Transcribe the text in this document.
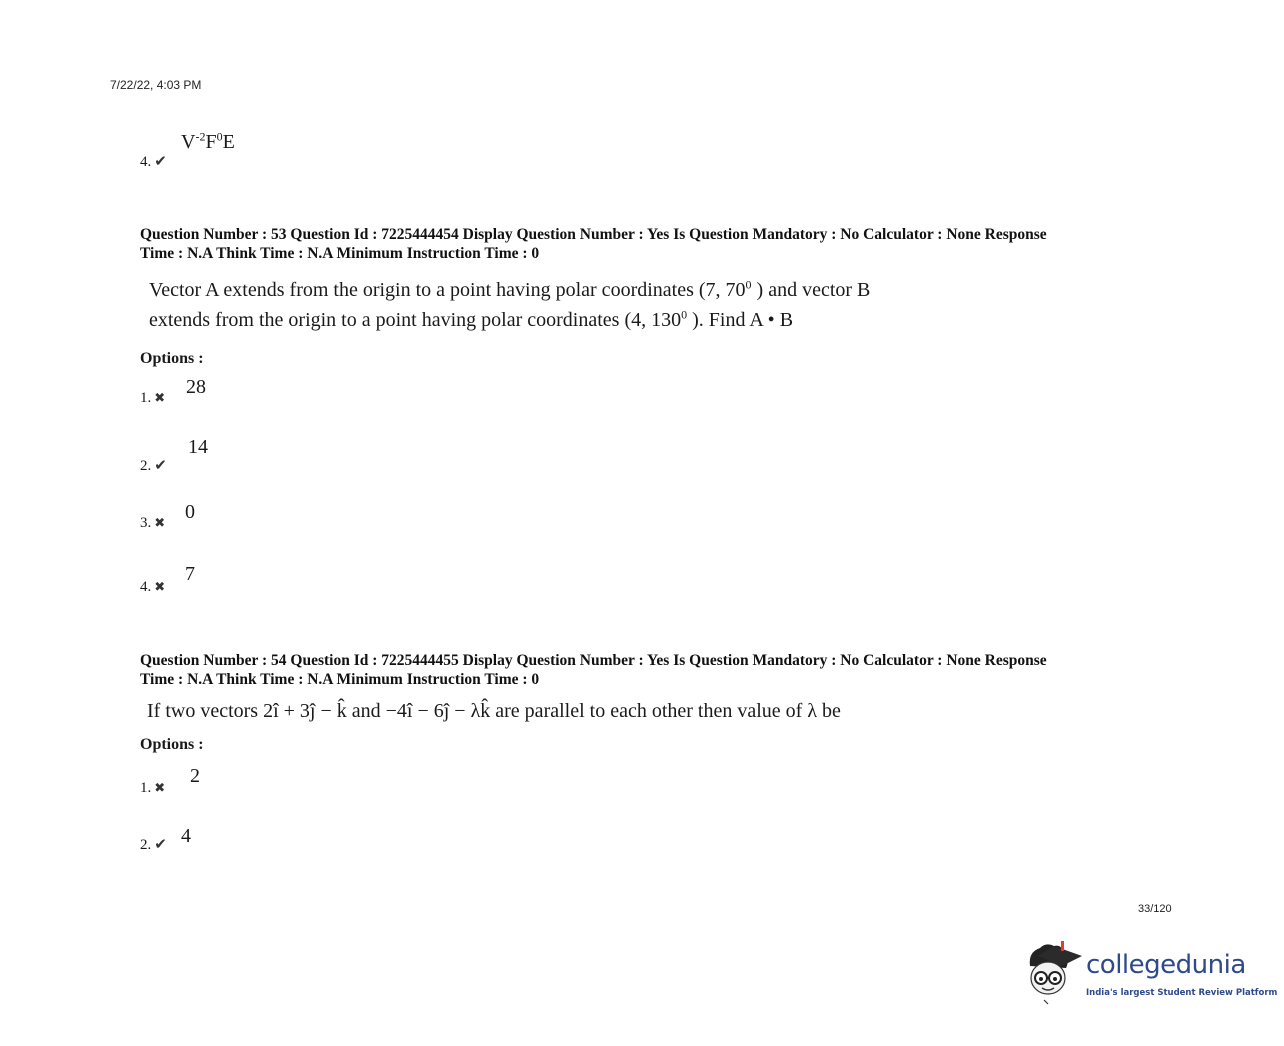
7/22/22, 4:03 PM
4. ✔
$V^{-2}F^0E$
Question Number : 53 Question Id : 7225444454 Display Question Number : Yes Is Question Mandatory : No Calculator : None Response
Time : N.A Think Time : N.A Minimum Instruction Time : 0
Vector A extends from the origin to a point having polar coordinates (7, $70^0$ ) and vector B
extends from the origin to a point having polar coordinates (4, $130^0$ ). Find A • B
Options :
1. ✖ 28
2. ✔
14
3. ✖ 0
4. ✖
7
Question Number : 54 Question Id : 7225444455 Display Question Number : Yes Is Question Mandatory : No Calculator : None Response
Time : N.A Think Time : N.A Minimum Instruction Time : 0
If two vectors 2î + 3ĵ − k̂ and −4î − 6ĵ − λk̂ are parallel to each other then value of λ be
Options :
1. ✖
2
2. ✔ 4
33/120
collegedunia
India's largest Student Review Platform
